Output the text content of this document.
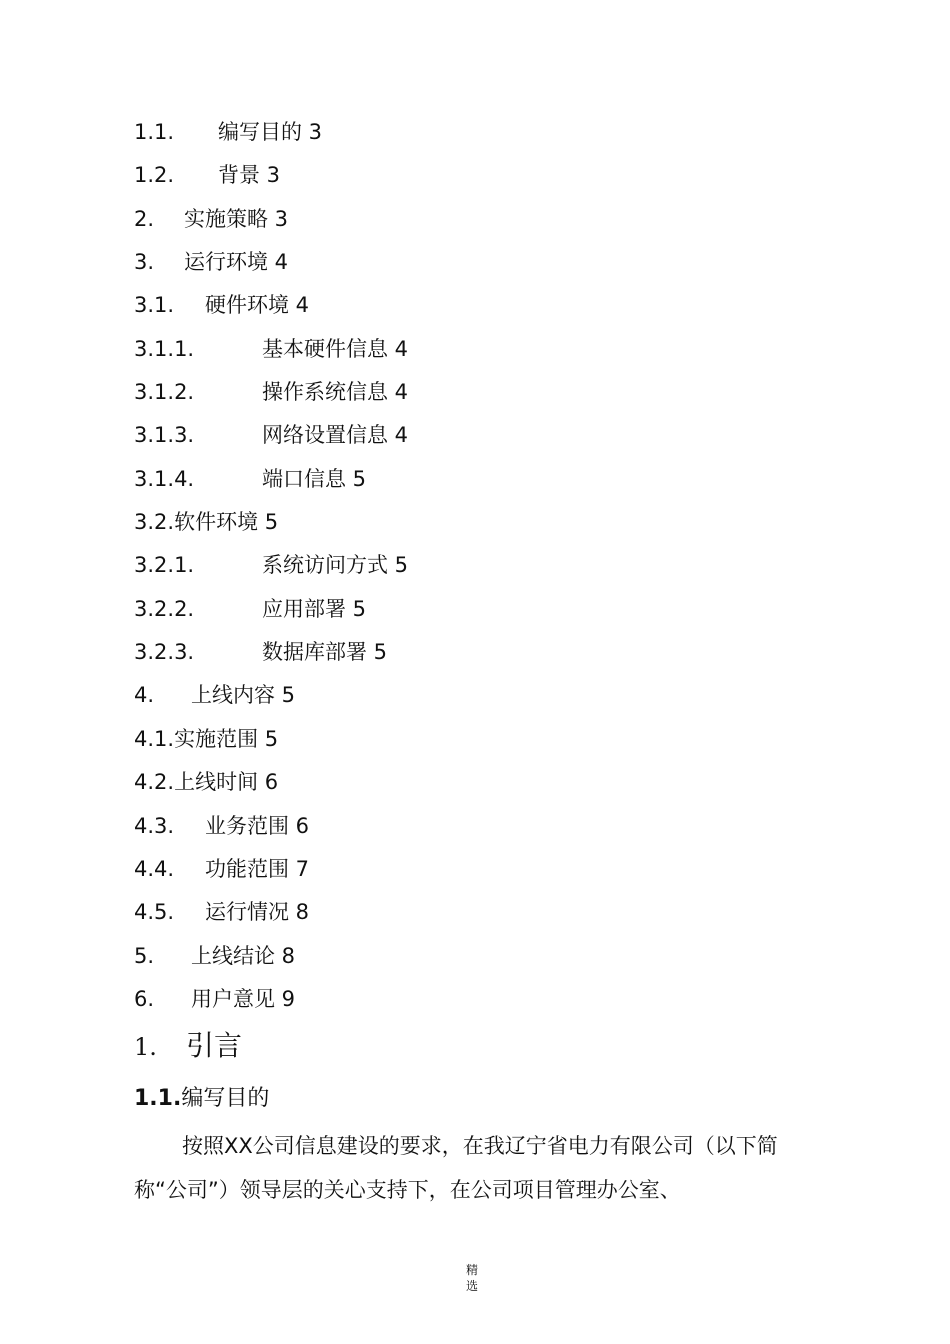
1.1. 编写目的 3
1.2. 背景 3
2. 实施策略 3
3. 运行环境 4
3.1. 硬件环境 4
3.1.1.	基本硬件信息 4
3.1.2.	操作系统信息 4
3.1.3.	网络设置信息 4
3.1.4.	端口信息 5
3.2.软件环境 5
3.2.1.	系统访问方式 5
3.2.2.	应用部署 5
3.2.3.	数据库部署 5
4. 上线内容 5
4.1.实施范围 5
4.2.上线时间 6
4.3. 业务范围 6
4.4. 功能范围 7
4.5. 运行情况 8
5. 上线结论 8
6. 用户意见 9
1. 引言
1.1.编写目的

按照XX公司信息建设的要求，在我辽宁省电力有限公司（以下简称“公司”）领导层的关心支持下，在公司项目管理办公室、

精
选
